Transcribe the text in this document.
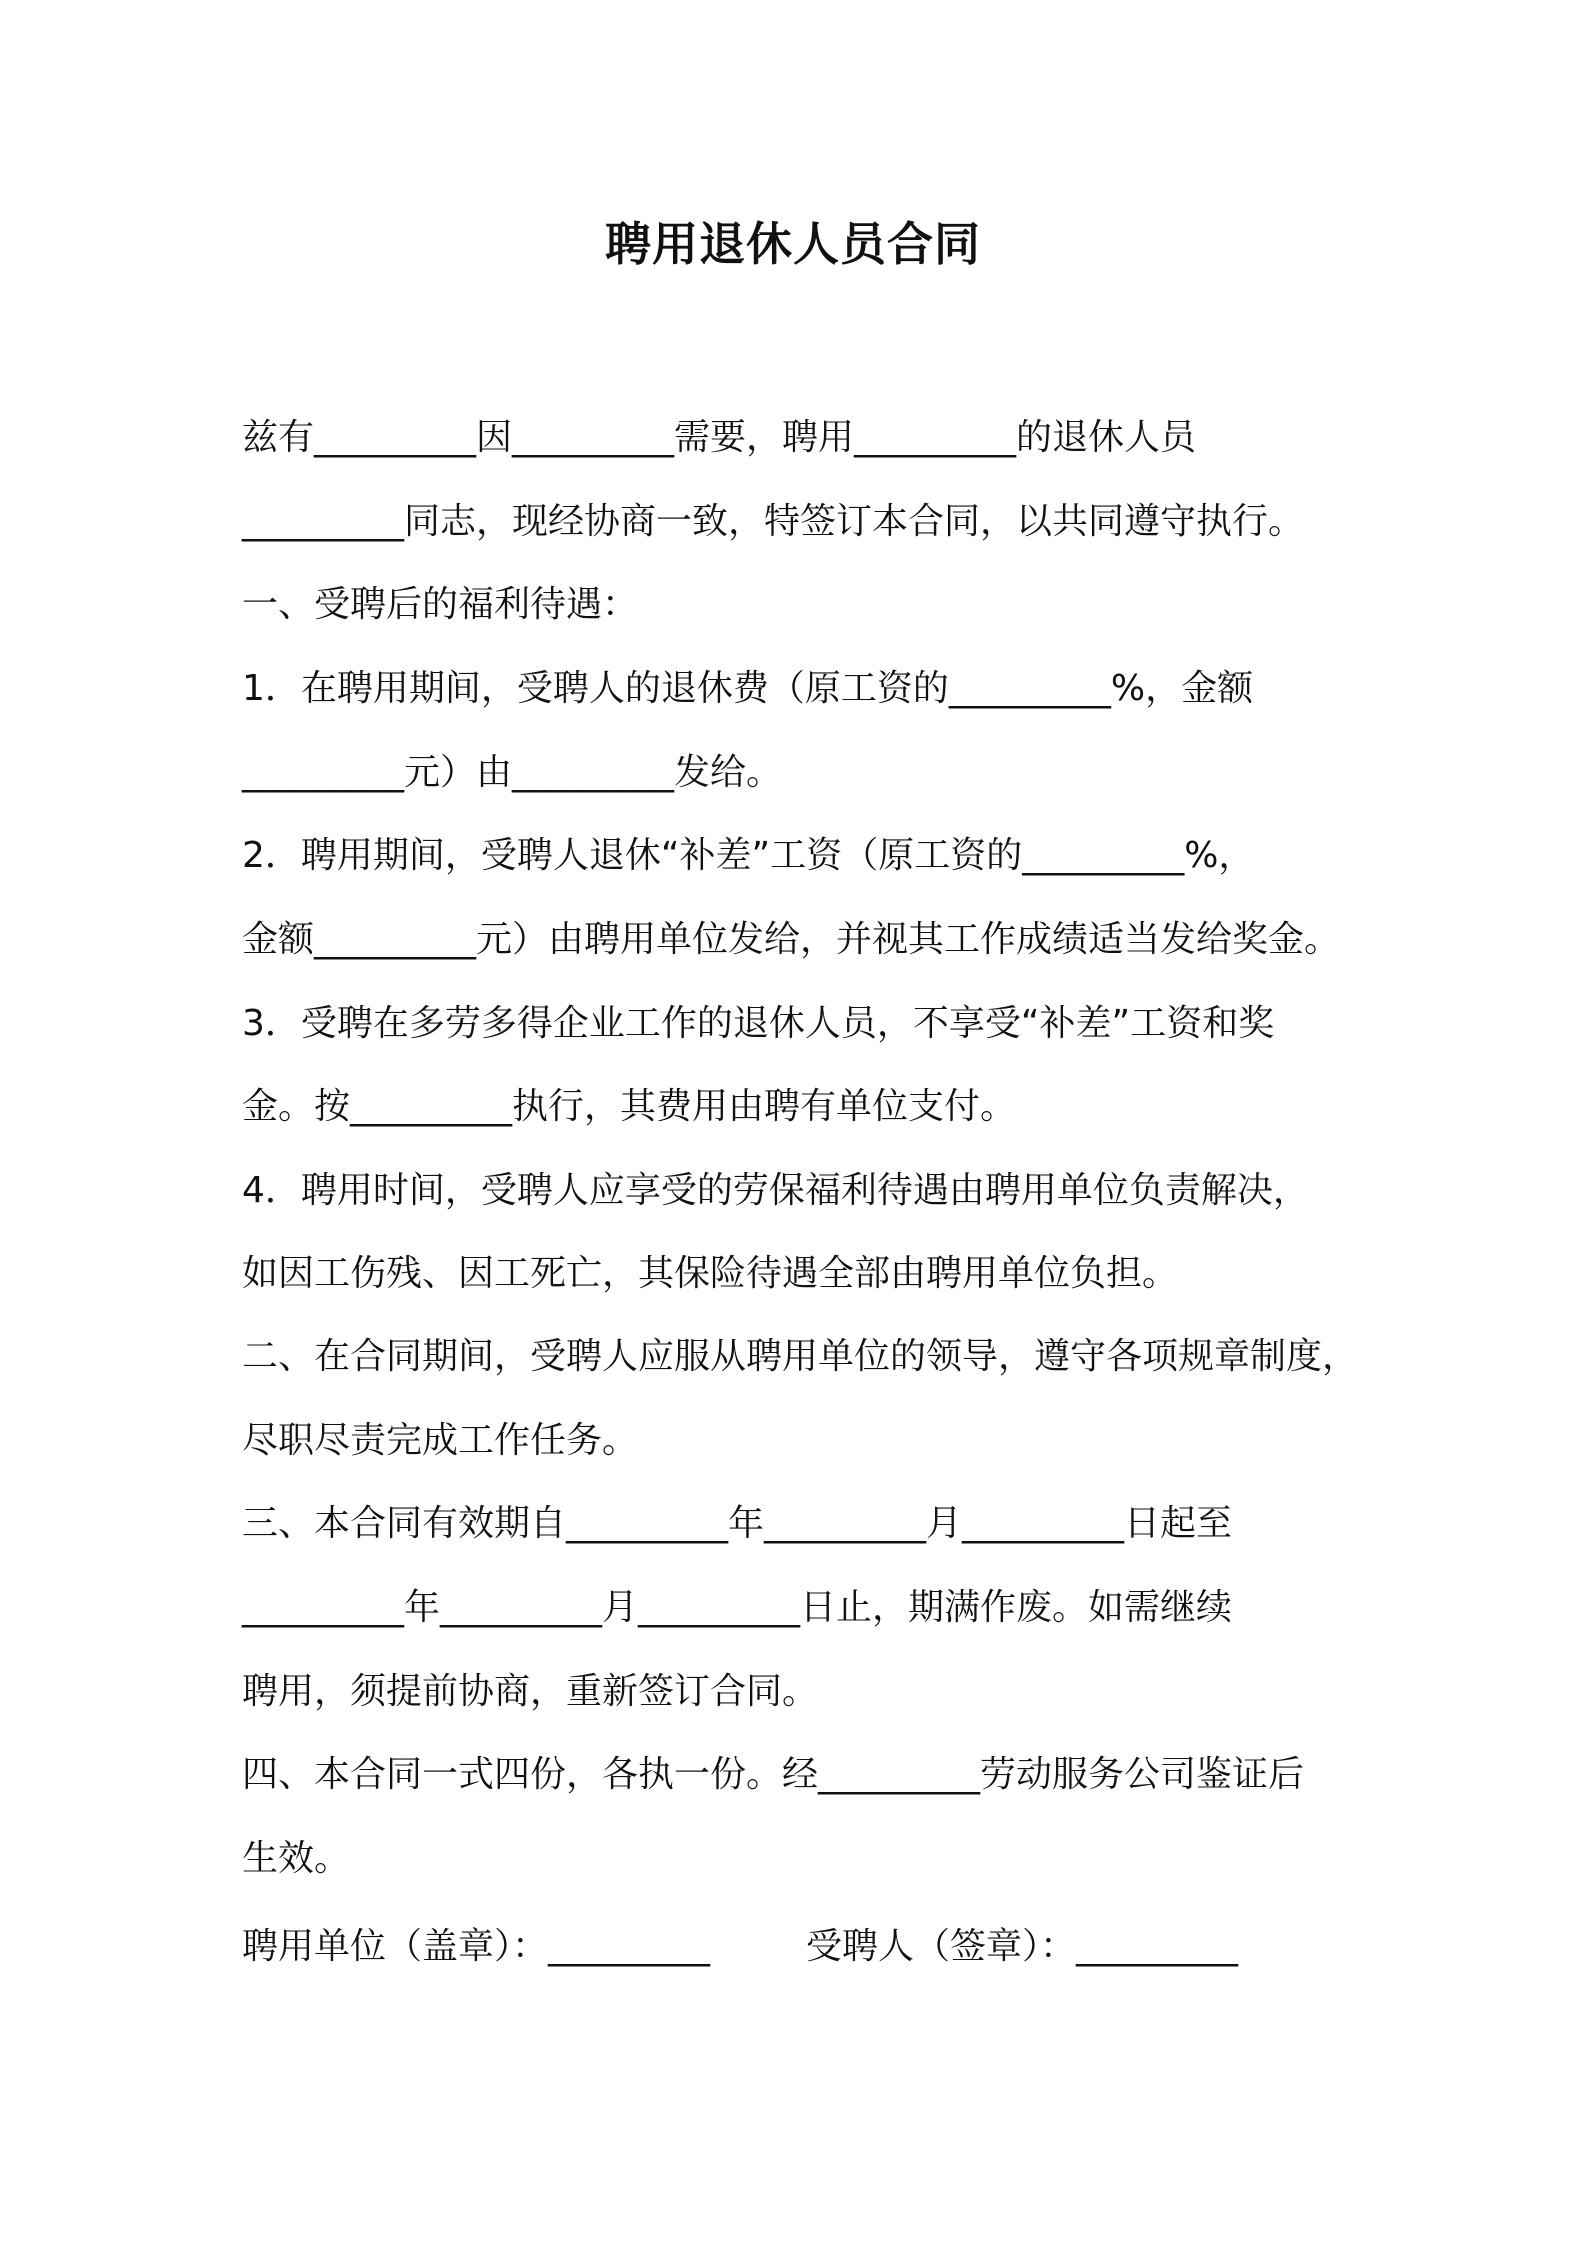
聘用退休人员合同
兹有_________因_________需要，聘用_________的退休人员
_________同志，现经协商一致，特签订本合同，以共同遵守执行。
一、受聘后的福利待遇：
1．在聘用期间，受聘人的退休费（原工资的_________%，金额
_________元）由_________发给。
2．聘用期间，受聘人退休“补差”工资（原工资的_________%，
金额_________元）由聘用单位发给，并视其工作成绩适当发给奖金。
3．受聘在多劳多得企业工作的退休人员，不享受“补差”工资和奖
金。按_________执行，其费用由聘有单位支付。
4．聘用时间，受聘人应享受的劳保福利待遇由聘用单位负责解决，
如因工伤残、因工死亡，其保险待遇全部由聘用单位负担。
二、在合同期间，受聘人应服从聘用单位的领导，遵守各项规章制度，
尽职尽责完成工作任务。
三、本合同有效期自_________年_________月_________日起至
_________年_________月_________日止，期满作废。如需继续
聘用，须提前协商，重新签订合同。
四、本合同一式四份，各执一份。经_________劳动服务公司鉴证后
生效。
聘用单位（盖章）：_________	受聘人（签章）：_________
